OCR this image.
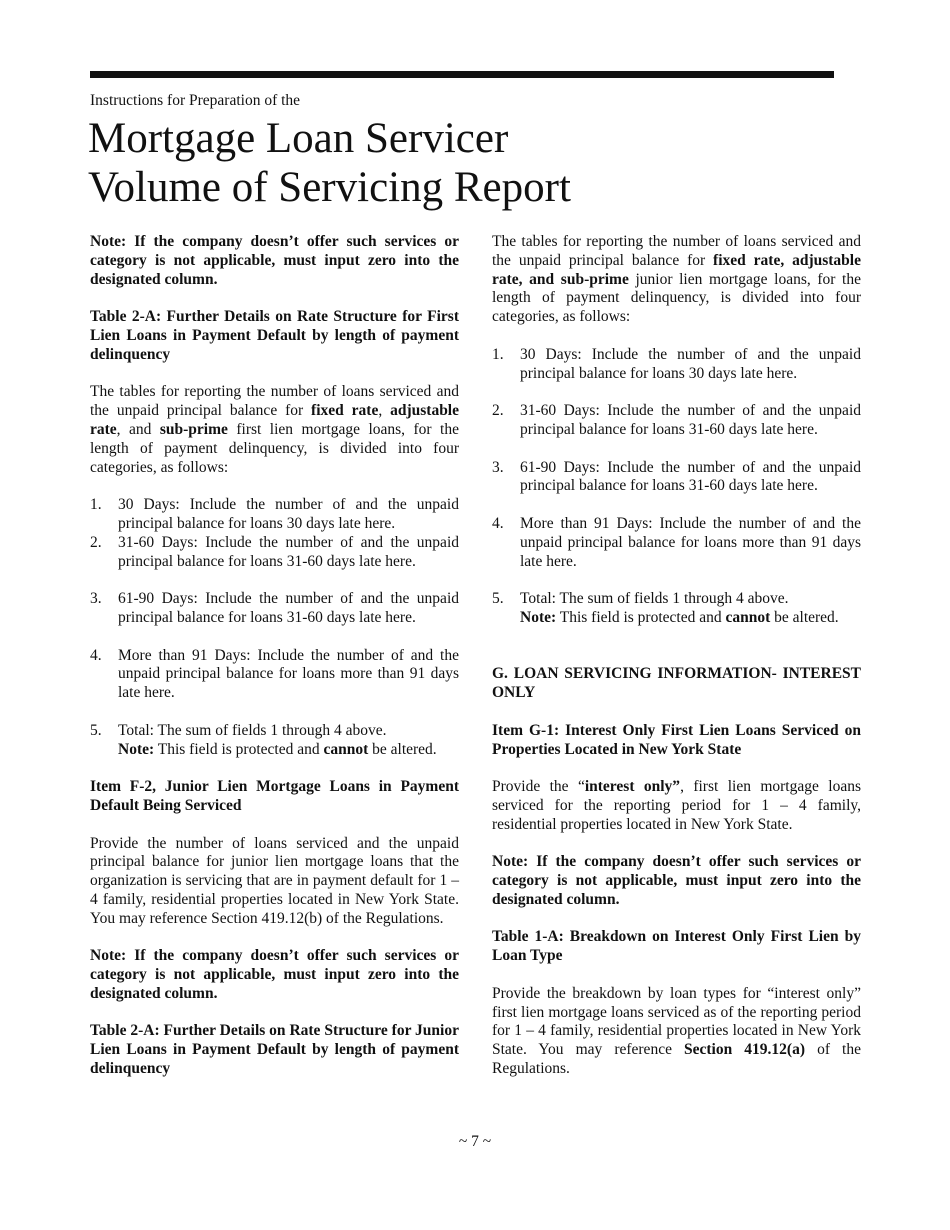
Instructions for Preparation of the
Mortgage Loan Servicer
Volume of Servicing Report

Note: If the company doesn’t offer such services or category is not applicable, must input zero into the designated column.

Table 2-A: Further Details on Rate Structure for First Lien Loans in Payment Default by length of payment delinquency

The tables for reporting the number of loans serviced and the unpaid principal balance for fixed rate, adjustable rate, and sub-prime first lien mortgage loans, for the length of payment delinquency, is divided into four categories, as follows:

1.	30 Days: Include the number of and the unpaid principal balance for loans 30 days late here.
2.	31-60 Days: Include the number of and the unpaid principal balance for loans 31-60 days late here.
3.	61-90 Days: Include the number of and the unpaid principal balance for loans 31-60 days late here.
4.	More than 91 Days: Include the number of and the unpaid principal balance for loans more than 91 days late here.
5.	Total: The sum of fields 1 through 4 above.
Note: This field is protected and cannot be altered.

Item F-2, Junior Lien Mortgage Loans in Payment Default Being Serviced

Provide the number of loans serviced and the unpaid principal balance for junior lien mortgage loans that the organization is servicing that are in payment default for 1 – 4 family, residential properties located in New York State. You may reference Section 419.12(b) of the Regulations.

Note: If the company doesn’t offer such services or category is not applicable, must input zero into the designated column.

Table 2-A: Further Details on Rate Structure for Junior Lien Loans in Payment Default by length of payment delinquency

The tables for reporting the number of loans serviced and the unpaid principal balance for fixed rate, adjustable rate, and sub-prime junior lien mortgage loans, for the length of payment delinquency, is divided into four categories, as follows:

1.	30 Days: Include the number of and the unpaid principal balance for loans 30 days late here.
2.	31-60 Days: Include the number of and the unpaid principal balance for loans 31-60 days late here.
3.	61-90 Days: Include the number of and the unpaid principal balance for loans 31-60 days late here.
4.	More than 91 Days: Include the number of and the unpaid principal balance for loans more than 91 days late here.
5.	Total: The sum of fields 1 through 4 above.
Note: This field is protected and cannot be altered.

G. LOAN SERVICING INFORMATION- INTEREST ONLY

Item G-1: Interest Only First Lien Loans Serviced on Properties Located in New York State

Provide the “interest only”, first lien mortgage loans serviced for the reporting period for 1 – 4 family, residential properties located in New York State.

Note: If the company doesn’t offer such services or category is not applicable, must input zero into the designated column.

Table 1-A: Breakdown on Interest Only First Lien by Loan Type

Provide the breakdown by loan types for “interest only” first lien mortgage loans serviced as of the reporting period for 1 – 4 family, residential properties located in New York State. You may reference Section 419.12(a) of the Regulations.

~ 7 ~
